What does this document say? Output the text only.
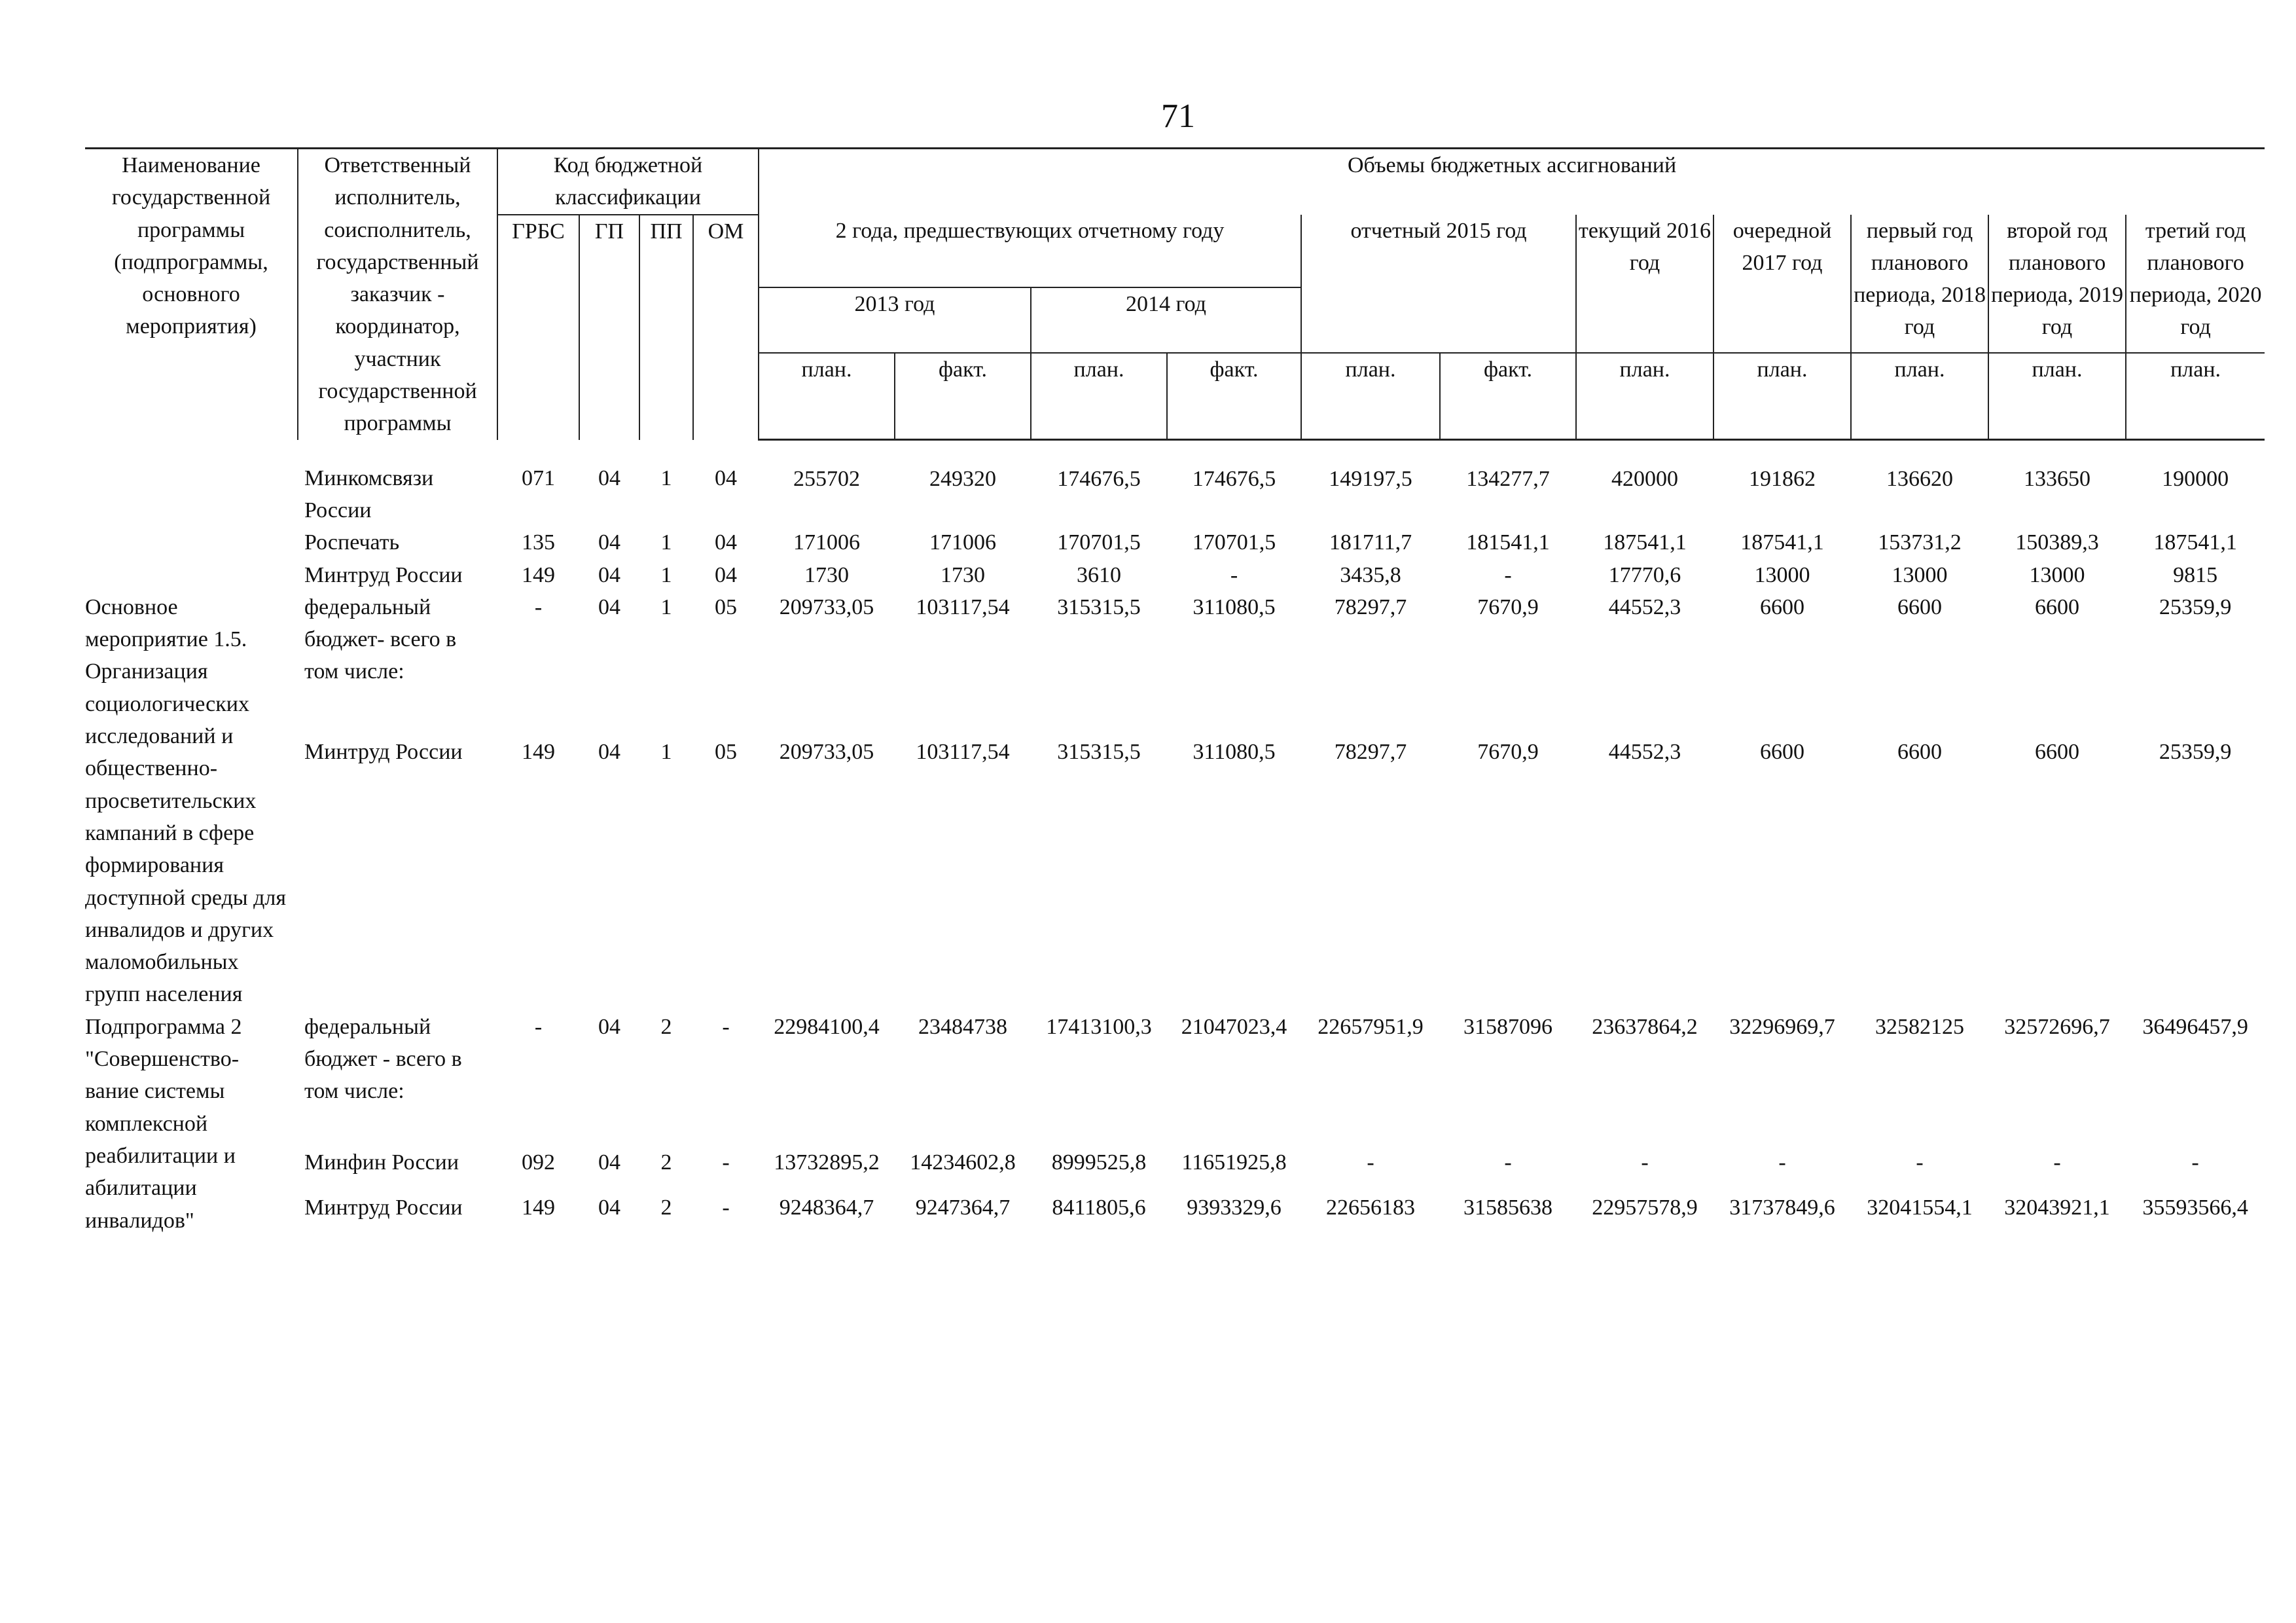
71
Наименование государственной программы (подпрограммы, основного мероприятия)	Ответственный исполнитель, соисполнитель, государственный заказчик - координатор, участник государственной программы	Код бюджетной классификации				Объемы бюджетных ассигнований										
		ГРБС	ГП	ПП	ОМ	2 года, предшествующих отчетному году				отчетный 2015 год		текущий 2016 год	очередной 2017 год	первый год планового периода, 2018 год	второй год планового периода, 2019 год	третий год планового периода, 2020 год
						2013 год		2014 год								
						план.	факт.	план.	факт.	план.	факт.	план.	план.	план.	план.	план.
	Минкомсвязи России	071	04	1	04	255702	249320	174676,5	174676,5	149197,5	134277,7	420000	191862	136620	133650	190000
	Роспечать	135	04	1	04	171006	171006	170701,5	170701,5	181711,7	181541,1	187541,1	187541,1	153731,2	150389,3	187541,1
	Минтруд России	149	04	1	04	1730	1730	3610	-	3435,8	-	17770,6	13000	13000	13000	9815
Основное мероприятие 1.5. Организация социологических исследований и общественно-просветительских кампаний в сфере формирования доступной среды для инвалидов и других маломобильных групп населения	федеральный бюджет- всего в том числе:	-	04	1	05	209733,05	103117,54	315315,5	311080,5	78297,7	7670,9	44552,3	6600	6600	6600	25359,9
	Минтруд России	149	04	1	05	209733,05	103117,54	315315,5	311080,5	78297,7	7670,9	44552,3	6600	6600	6600	25359,9
Подпрограмма 2 "Совершенство-вание системы комплексной реабилитации и абилитации инвалидов"	федеральный бюджет - всего в том числе:	-	04	2	-	22984100,4	23484738	17413100,3	21047023,4	22657951,9	31587096	23637864,2	32296969,7	32582125	32572696,7	36496457,9
	Минфин России	092	04	2	-	13732895,2	14234602,8	8999525,8	11651925,8	-	-	-	-	-	-	-
	Минтруд России	149	04	2	-	9248364,7	9247364,7	8411805,6	9393329,6	22656183	31585638	22957578,9	31737849,6	32041554,1	32043921,1	35593566,4
